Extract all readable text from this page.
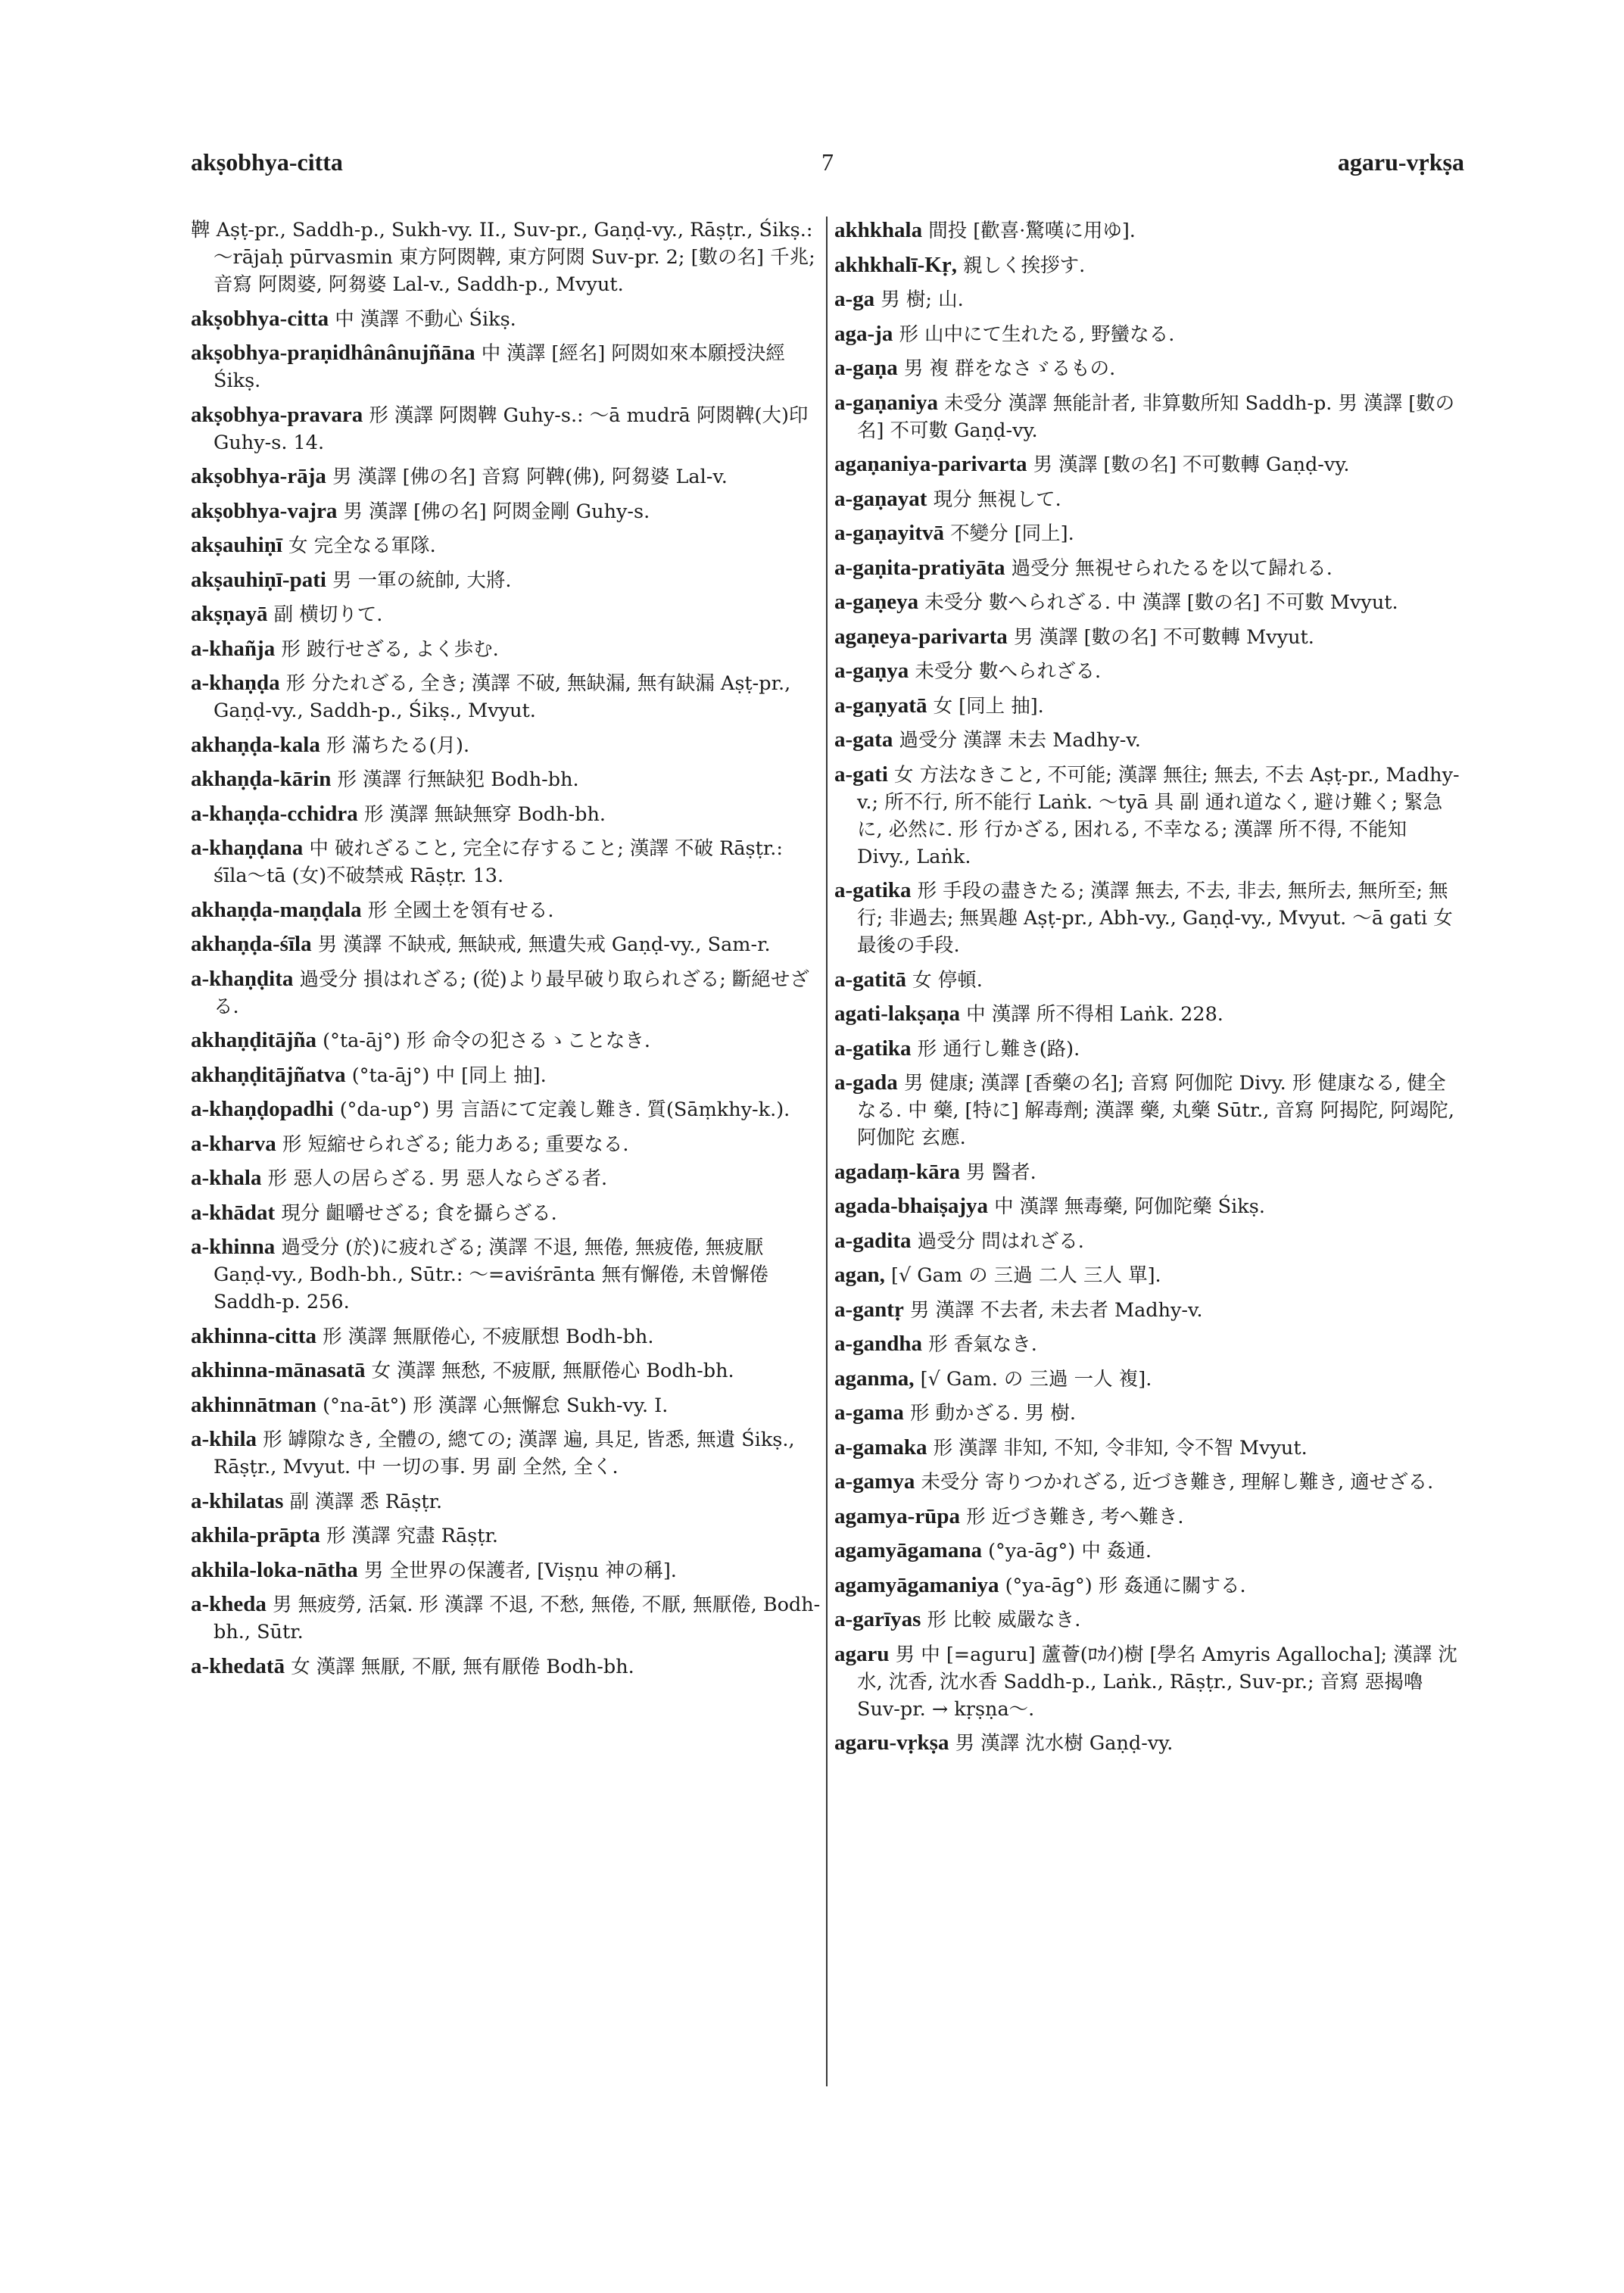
akṣobhya-citta	7	agaru-vṛkṣa

鞞 Aṣṭ-pr., Saddh-p., Sukh-vy. II., Suv-pr., Gaṇḍ-vy., Rāṣṭr., Śikṣ.: 〜rājaḥ pūrvasmin 東方阿閦鞞, 東方阿閦 Suv-pr. 2; [數の名] 千兆; 音寫 阿閦婆, 阿芻婆 Lal-v., Saddh-p., Mvyut.

akṣobhya-citta 中 漢譯 不動心 Śikṣ.

akṣobhya-praṇidhânânujñāna 中 漢譯 [經名] 阿閦如來本願授決經 Śikṣ.

akṣobhya-pravara 形 漢譯 阿閦鞞 Guhy-s.: 〜ā mudrā 阿閦鞞(大)印 Guhy-s. 14.

akṣobhya-rāja 男 漢譯 [佛の名] 音寫 阿鞞(佛), 阿芻婆 Lal-v.

akṣobhya-vajra 男 漢譯 [佛の名] 阿閦金剛 Guhy-s.

akṣauhiṇī 女 完全なる軍隊.

akṣauhiṇī-pati 男 一軍の統帥, 大將.

akṣṇayā 副 横切りて.

a-khañja 形 跛行せざる, よく歩む.

a-khaṇḍa 形 分たれざる, 全き; 漢譯 不破, 無缺漏, 無有缺漏 Aṣṭ-pr., Gaṇḍ-vy., Saddh-p., Śikṣ., Mvyut.

akhaṇḍa-kala 形 滿ちたる(月).

akhaṇḍa-kārin 形 漢譯 行無缺犯 Bodh-bh.

a-khaṇḍa-cchidra 形 漢譯 無缺無穿 Bodh-bh.

a-khaṇḍana 中 破れざること, 完全に存すること; 漢譯 不破 Rāṣṭr.: śīla〜tā (女)不破禁戒 Rāṣṭr. 13.

akhaṇḍa-maṇḍala 形 全國土を領有せる.

akhaṇḍa-śīla 男 漢譯 不缺戒, 無缺戒, 無遺失戒 Gaṇḍ-vy., Sam-r.

a-khaṇḍita 過受分 損はれざる; (從)より最早破り取られざる; 斷絕せざる.

akhaṇḍitājña (°ta-āj°) 形 命令の犯さるゝことなき.

akhaṇḍitājñatva (°ta-āj°) 中 [同上 抽].

a-khaṇḍopadhi (°da-up°) 男 言語にて定義し難き. 質(Sāṃkhy-k.).

a-kharva 形 短縮せられざる; 能力ある; 重要なる.

a-khala 形 惡人の居らざる. 男 惡人ならざる者.

a-khādat 現分 齟嚼せざる; 食を攝らざる.

a-khinna 過受分 (於)に疲れざる; 漢譯 不退, 無倦, 無疲倦, 無疲厭 Gaṇḍ-vy., Bodh-bh., Sūtr.: 〜=aviśrānta 無有懈倦, 未曾懈倦 Saddh-p. 256.

akhinna-citta 形 漢譯 無厭倦心, 不疲厭想 Bodh-bh.

akhinna-mānasatā 女 漢譯 無愁, 不疲厭, 無厭倦心 Bodh-bh.

akhinnātman (°na-āt°) 形 漢譯 心無懈怠 Sukh-vy. I.

a-khila 形 罅隙なき, 全體の, 總ての; 漢譯 遍, 具足, 皆悉, 無遺 Śikṣ., Rāṣṭr., Mvyut. 中 一切の事. 男 副 全然, 全く.

a-khilatas 副 漢譯 悉 Rāṣṭr.

akhila-prāpta 形 漢譯 究盡 Rāṣṭr.

akhila-loka-nātha 男 全世界の保護者, [Viṣṇu 神の稱].

a-kheda 男 無疲勞, 活氣. 形 漢譯 不退, 不愁, 無倦, 不厭, 無厭倦, Bodh-bh., Sūtr.

a-khedatā 女 漢譯 無厭, 不厭, 無有厭倦 Bodh-bh.

akhkhala 間投 [歡喜·驚嘆に用ゆ].

akhkhalī-Kṛ, 親しく挨拶す.

a-ga 男 樹; 山.

aga-ja 形 山中にて生れたる, 野蠻なる.

a-gaṇa 男 複 群をなさゞるもの.

a-gaṇaniya 未受分 漢譯 無能計者, 非算數所知 Saddh-p. 男 漢譯 [數の名] 不可數 Gaṇḍ-vy.

agaṇaniya-parivarta 男 漢譯 [數の名] 不可數轉 Gaṇḍ-vy.

a-gaṇayat 現分 無視して.

a-gaṇayitvā 不變分 [同上].

a-gaṇita-pratiyāta 過受分 無視せられたるを以て歸れる.

a-gaṇeya 未受分 數へられざる. 中 漢譯 [數の名] 不可數 Mvyut.

agaṇeya-parivarta 男 漢譯 [數の名] 不可數轉 Mvyut.

a-gaṇya 未受分 數へられざる.

a-gaṇyatā 女 [同上 抽].

a-gata 過受分 漢譯 未去 Madhy-v.

a-gati 女 方法なきこと, 不可能; 漢譯 無往; 無去, 不去 Aṣṭ-pr., Madhy-v.; 所不行, 所不能行 Laṅk. 〜tyā 具 副 通れ道なく, 避け難く; 緊急に, 必然に. 形 行かざる, 困れる, 不幸なる; 漢譯 所不得, 不能知 Divy., Laṅk.

a-gatika 形 手段の盡きたる; 漢譯 無去, 不去, 非去, 無所去, 無所至; 無行; 非過去; 無異趣 Aṣṭ-pr., Abh-vy., Gaṇḍ-vy., Mvyut. 〜ā gati 女 最後の手段.

a-gatitā 女 停頓.

agati-lakṣaṇa 中 漢譯 所不得相 Laṅk. 228.

a-gatika 形 通行し難き(路).

a-gada 男 健康; 漢譯 [香藥の名]; 音寫 阿伽陀 Divy. 形 健康なる, 健全なる. 中 藥, [特に] 解毒劑; 漢譯 藥, 丸藥 Sūtr., 音寫 阿揭陀, 阿竭陀, 阿伽陀 玄應.

agadaṃ-kāra 男 醫者.

agada-bhaiṣajya 中 漢譯 無毒藥, 阿伽陀藥 Śikṣ.

a-gadita 過受分 問はれざる.

agan, [√ Gam の 三過 二人 三人 單].

a-gantṛ 男 漢譯 不去者, 未去者 Madhy-v.

a-gandha 形 香氣なき.

aganma, [√ Gam. の 三過 一人 複].

a-gama 形 動かざる. 男 樹.

a-gamaka 形 漢譯 非知, 不知, 令非知, 令不智 Mvyut.

a-gamya 未受分 寄りつかれざる, 近づき難き, 理解し難き, 適せざる.

agamya-rūpa 形 近づき難き, 考へ難き.

agamyāgamana (°ya-āg°) 中 姦通.

agamyāgamaniya (°ya-āg°) 形 姦通に關する.

a-garīyas 形 比較 威嚴なき.

agaru 男 中 [=aguru] 蘆薈(ﾛｶｲ)樹 [學名 Amyris Agallocha]; 漢譯 沈水, 沈香, 沈水香 Saddh-p., Laṅk., Rāṣṭr., Suv-pr.; 音寫 惡揭嚕 Suv-pr. → kṛṣṇa〜.

agaru-vṛkṣa 男 漢譯 沈水樹 Gaṇḍ-vy.
